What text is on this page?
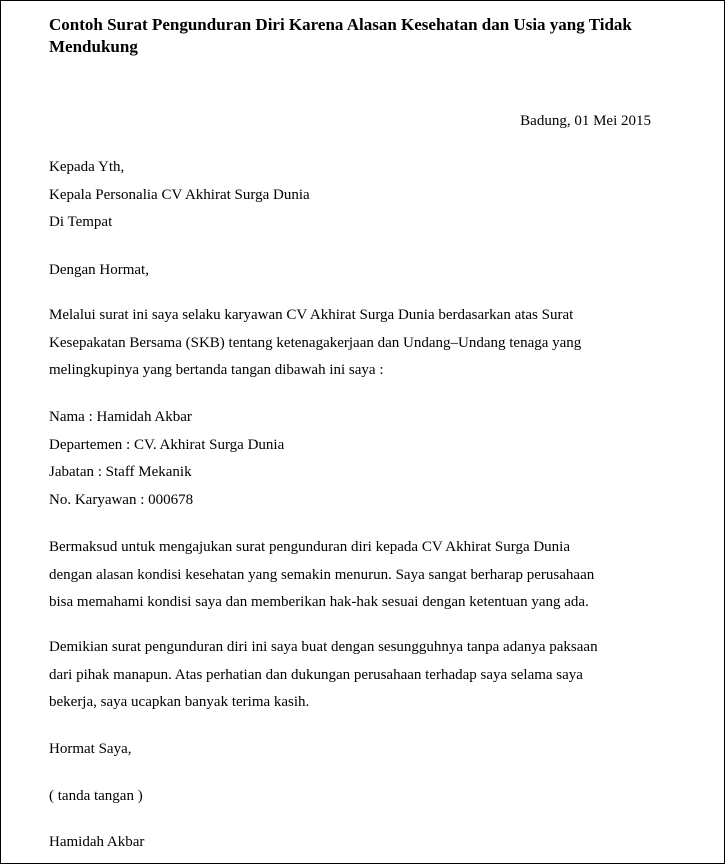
Contoh Surat Pengunduran Diri Karena Alasan Kesehatan dan Usia yang Tidak Mendukung
Badung, 01 Mei 2015
Kepada Yth,
Kepala Personalia CV Akhirat Surga Dunia
Di Tempat
Dengan Hormat,
Melalui surat ini saya selaku karyawan CV Akhirat Surga Dunia berdasarkan atas Surat
Kesepakatan Bersama (SKB) tentang ketenagakerjaan dan Undang–Undang tenaga yang
melingkupinya yang bertanda tangan dibawah ini saya :
Nama : Hamidah Akbar
Departemen : CV. Akhirat Surga Dunia
Jabatan : Staff Mekanik
No. Karyawan : 000678
Bermaksud untuk mengajukan surat pengunduran diri kepada CV Akhirat Surga Dunia
dengan alasan kondisi kesehatan yang semakin menurun. Saya sangat berharap perusahaan
bisa memahami kondisi saya dan memberikan hak-hak sesuai dengan ketentuan yang ada.
Demikian surat pengunduran diri ini saya buat dengan sesungguhnya tanpa adanya paksaan
dari pihak manapun. Atas perhatian dan dukungan perusahaan terhadap saya selama saya
bekerja, saya ucapkan banyak terima kasih.
Hormat Saya,
( tanda tangan )
Hamidah Akbar
